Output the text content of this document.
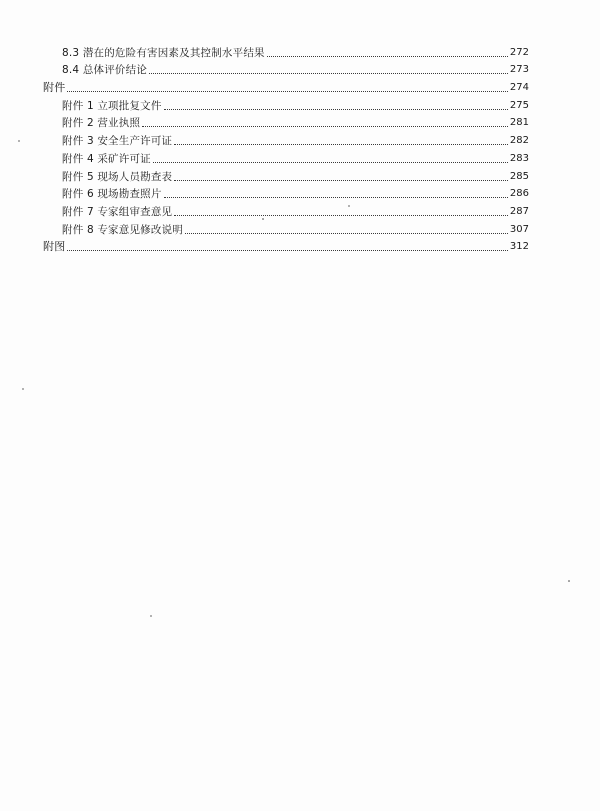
8.3 潜在的危险有害因素及其控制水平结果	272
8.4 总体评价结论	273
附件	274
附件 1 立项批复文件	275
附件 2 营业执照	281
附件 3 安全生产许可证	282
附件 4 采矿许可证	283
附件 5 现场人员勘查表	285
附件 6 现场勘查照片	286
附件 7 专家组审查意见	287
附件 8 专家意见修改说明	307
附图	312
